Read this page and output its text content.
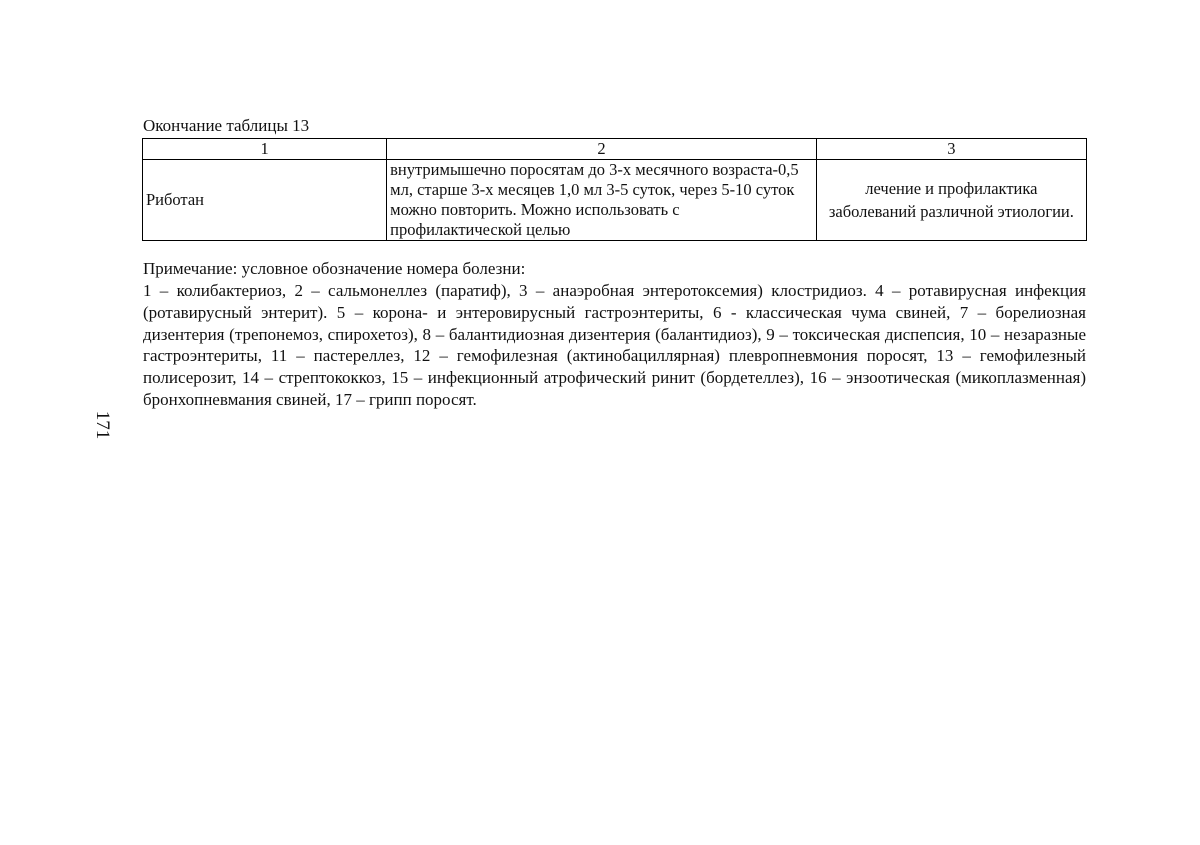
171
Окончание таблицы 13
1	2	3
Риботан	внутримышечно поросятам до 3-х месячного возраста-0,5 мл, старше 3-х месяцев 1,0 мл 3-5 суток, через 5-10 суток можно повторить. Можно использовать с профилактической целью	лечение и профилактика заболеваний различной этиологии.
Примечание: условное обозначение номера болезни:
1 – колибактериоз, 2 – сальмонеллез (паратиф), 3 – анаэробная энтеротоксемия) клостридиоз. 4 – ротавирусная инфекция (ротавирусный энтерит). 5 – корона- и энтеровирусный гастроэнтериты, 6 - классическая чума свиней, 7 – борелиозная дизентерия (трепонемоз, спирохетоз), 8 – балантидиозная дизентерия (балантидиоз), 9 – токсическая диспепсия, 10 – незаразные гастроэнтериты, 11 – пастереллез, 12 – гемофилезная (актинобациллярная) плевропневмония поросят, 13 – гемофилезный полисерозит, 14 – стрептококкоз, 15 – инфекционный атрофический ринит (бордетеллез), 16 – энзоотическая (микоплазменная) бронхопневмания свиней, 17 – грипп поросят.
